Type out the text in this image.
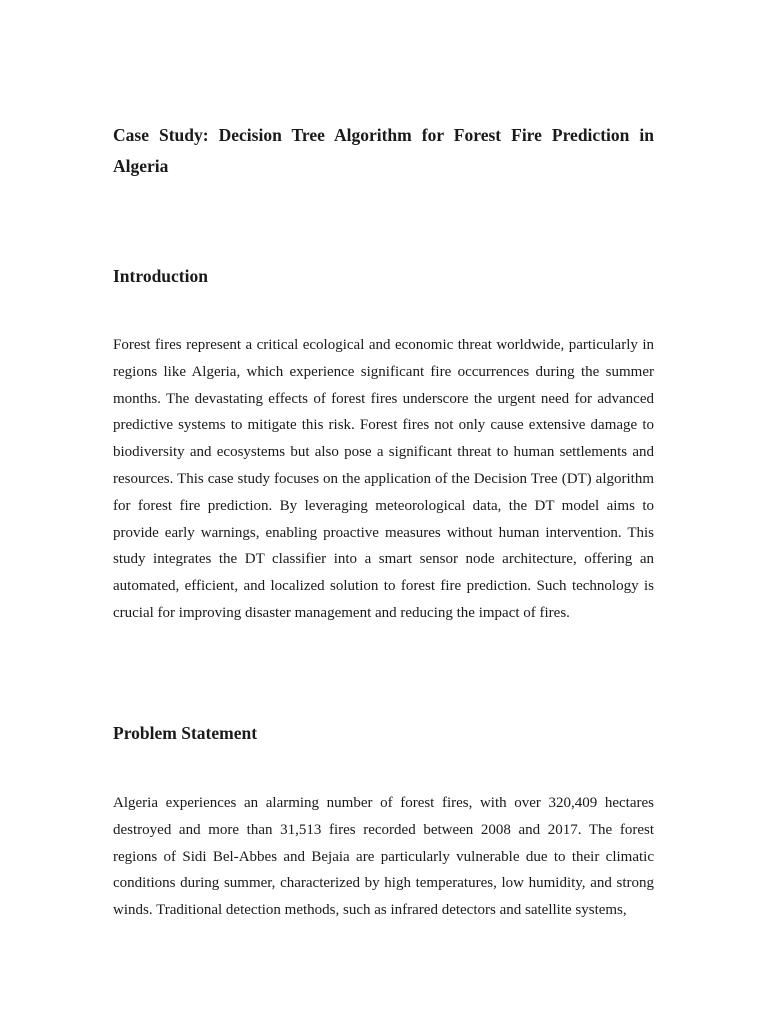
Case Study: Decision Tree Algorithm for Forest Fire Prediction in Algeria
Introduction

Forest fires represent a critical ecological and economic threat worldwide, particularly in regions like Algeria, which experience significant fire occurrences during the summer months. The devastating effects of forest fires underscore the urgent need for advanced predictive systems to mitigate this risk. Forest fires not only cause extensive damage to biodiversity and ecosystems but also pose a significant threat to human settlements and resources. This case study focuses on the application of the Decision Tree (DT) algorithm for forest fire prediction. By leveraging meteorological data, the DT model aims to provide early warnings, enabling proactive measures without human intervention. This study integrates the DT classifier into a smart sensor node architecture, offering an automated, efficient, and localized solution to forest fire prediction. Such technology is crucial for improving disaster management and reducing the impact of fires.

Problem Statement

Algeria experiences an alarming number of forest fires, with over 320,409 hectares destroyed and more than 31,513 fires recorded between 2008 and 2017. The forest regions of Sidi Bel-Abbes and Bejaia are particularly vulnerable due to their climatic conditions during summer, characterized by high temperatures, low humidity, and strong winds. Traditional detection methods, such as infrared detectors and satellite systems,
